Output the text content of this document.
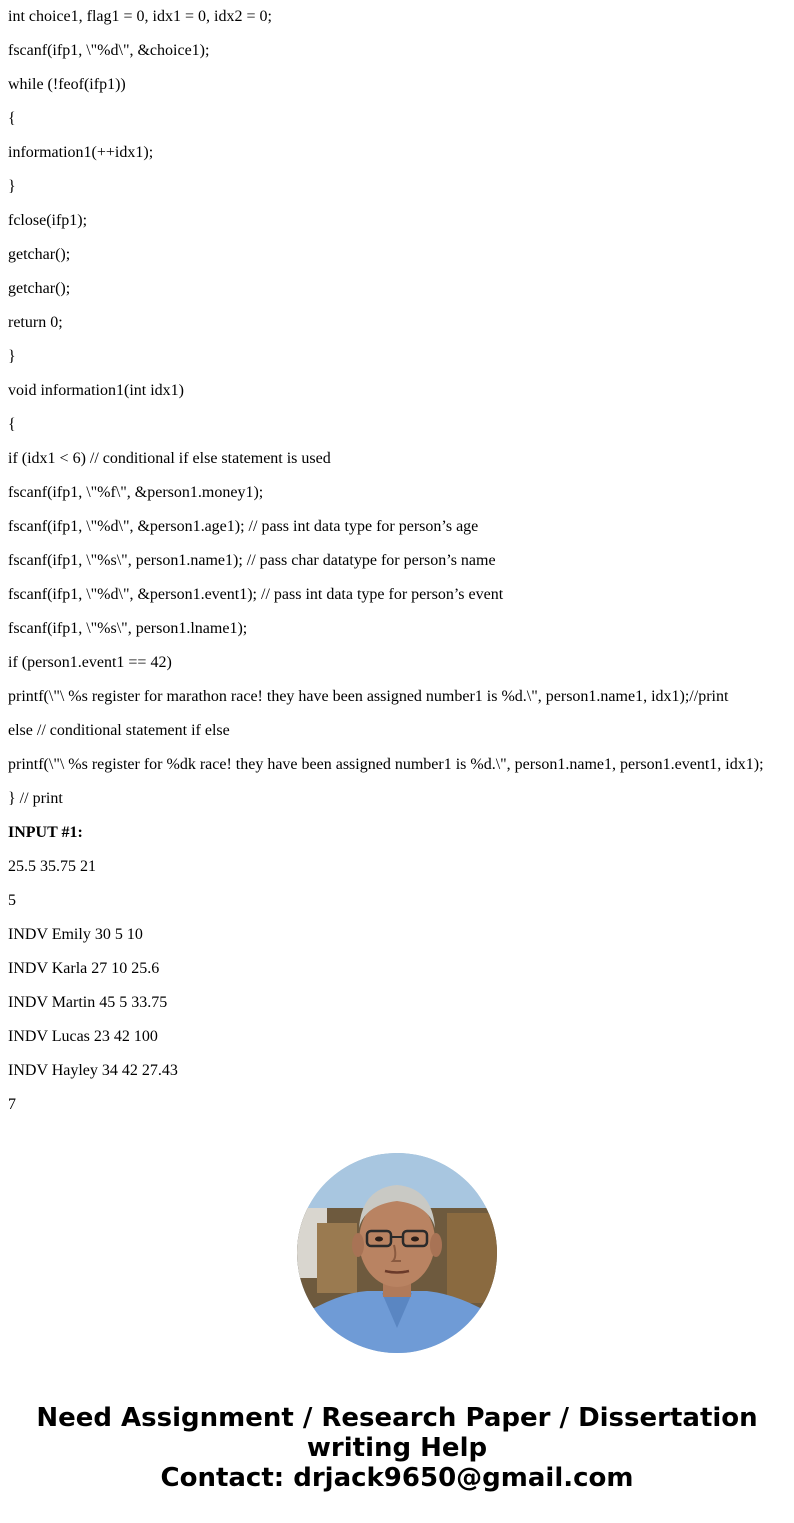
int choice1, flag1 = 0, idx1 = 0, idx2 = 0;
fscanf(ifp1, \"%d\", &choice1);
while (!feof(ifp1))
{
information1(++idx1);
}
fclose(ifp1);
getchar();
getchar();
return 0;
}
void information1(int idx1)
{
if (idx1 < 6) // conditional if else statement is used
fscanf(ifp1, \"%f\", &person1.money1);
fscanf(ifp1, \"%d\", &person1.age1); // pass int data type for person’s age
fscanf(ifp1, \"%s\", person1.name1); // pass char datatype for person’s name
fscanf(ifp1, \"%d\", &person1.event1); // pass int data type for person’s event
fscanf(ifp1, \"%s\", person1.lname1);
if (person1.event1 == 42)
printf(\"\ %s register for marathon race! they have been assigned number1 is %d.\", person1.name1, idx1);//print
else // conditional statement if else
printf(\"\ %s register for %dk race! they have been assigned number1 is %d.\", person1.name1, person1.event1, idx1);
} // print
INPUT #1:
25.5 35.75 21
5
INDV Emily 30 5 10
INDV Karla 27 10 25.6
INDV Martin 45 5 33.75
INDV Lucas 23 42 100
INDV Hayley 34 42 27.43
7
Need Assignment / Research Paper / Dissertation writing Help
Contact: drjack9650@gmail.com
